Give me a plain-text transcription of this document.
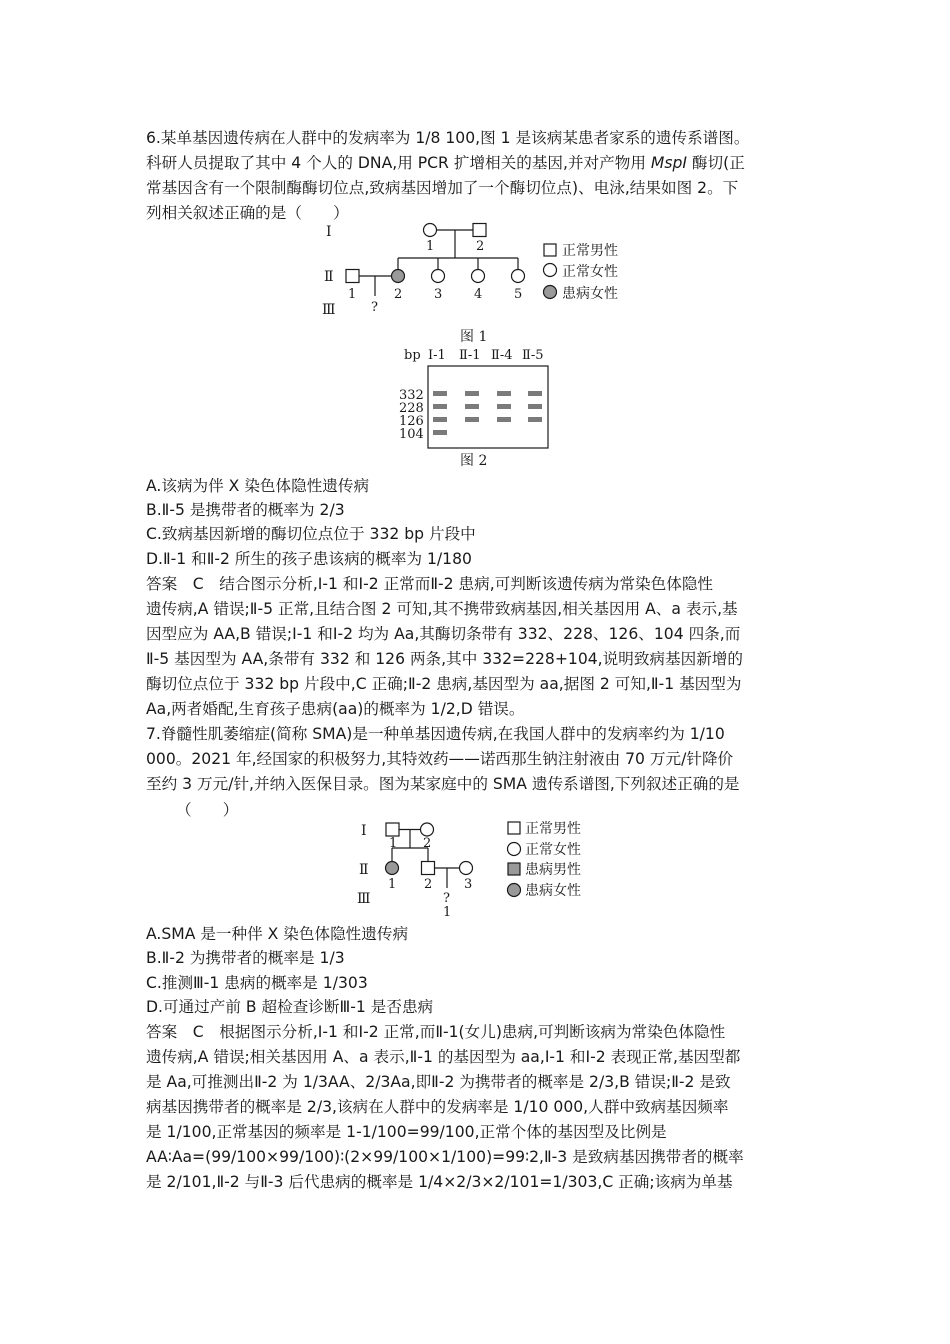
6.某单基因遗传病在人群中的发病率为 1/8 100,图 1 是该病某患者家系的遗传系谱图。
科研人员提取了其中 4 个人的 DNA,用 PCR 扩增相关的基因,并对产物用 MspI 酶切(正
常基因含有一个限制酶酶切位点,致病基因增加了一个酶切位点)、电泳,结果如图 2。下
列相关叙述正确的是（　　）
Ⅰ
Ⅱ
Ⅲ
1	2
1	2 3 4 5
?
正常男性
正常女性
患病女性
图 1
bp Ⅰ-1 Ⅱ-1 Ⅱ-4 Ⅱ-5
332
228
126
104
图 2
A.该病为伴 X 染色体隐性遗传病
B.Ⅱ-5 是携带者的概率为 2/3
C.致病基因新增的酶切位点位于 332 bp 片段中
D.Ⅱ-1 和Ⅱ-2 所生的孩子患该病的概率为 1/180
答案　C　结合图示分析,Ⅰ-1 和Ⅰ-2 正常而Ⅱ-2 患病,可判断该遗传病为常染色体隐性
遗传病,A 错误;Ⅱ-5 正常,且结合图 2 可知,其不携带致病基因,相关基因用 A、a 表示,基
因型应为 AA,B 错误;Ⅰ-1 和Ⅰ-2 均为 Aa,其酶切条带有 332、228、126、104 四条,而
Ⅱ-5 基因型为 AA,条带有 332 和 126 两条,其中 332=228+104,说明致病基因新增的
酶切位点位于 332 bp 片段中,C 正确;Ⅱ-2 患病,基因型为 aa,据图 2 可知,Ⅱ-1 基因型为
Aa,两者婚配,生育孩子患病(aa)的概率为 1/2,D 错误。
7.脊髓性肌萎缩症(简称 SMA)是一种单基因遗传病,在我国人群中的发病率约为 1/10
000。2021 年,经国家的积极努力,其特效药——诺西那生钠注射液由 70 万元/针降价
至约 3 万元/针,并纳入医保目录。图为某家庭中的 SMA 遗传系谱图,下列叙述正确的是
（　　）
Ⅰ
Ⅱ
Ⅲ
1 2
1 2 3
?
1
正常男性
正常女性
患病男性
患病女性
A.SMA 是一种伴 X 染色体隐性遗传病
B.Ⅱ-2 为携带者的概率是 1/3
C.推测Ⅲ-1 患病的概率是 1/303
D.可通过产前 B 超检查诊断Ⅲ-1 是否患病
答案　C　根据图示分析,Ⅰ-1 和Ⅰ-2 正常,而Ⅱ-1(女儿)患病,可判断该病为常染色体隐性
遗传病,A 错误;相关基因用 A、a 表示,Ⅱ-1 的基因型为 aa,Ⅰ-1 和Ⅰ-2 表现正常,基因型都
是 Aa,可推测出Ⅱ-2 为 1/3AA、2/3Aa,即Ⅱ-2 为携带者的概率是 2/3,B 错误;Ⅱ-2 是致
病基因携带者的概率是 2/3,该病在人群中的发病率是 1/10 000,人群中致病基因频率
是 1/100,正常基因的频率是 1-1/100=99/100,正常个体的基因型及比例是
AA∶Aa=(99/100×99/100)∶(2×99/100×1/100)=99∶2,Ⅱ-3 是致病基因携带者的概率
是 2/101,Ⅱ-2 与Ⅱ-3 后代患病的概率是 1/4×2/3×2/101=1/303,C 正确;该病为单基
